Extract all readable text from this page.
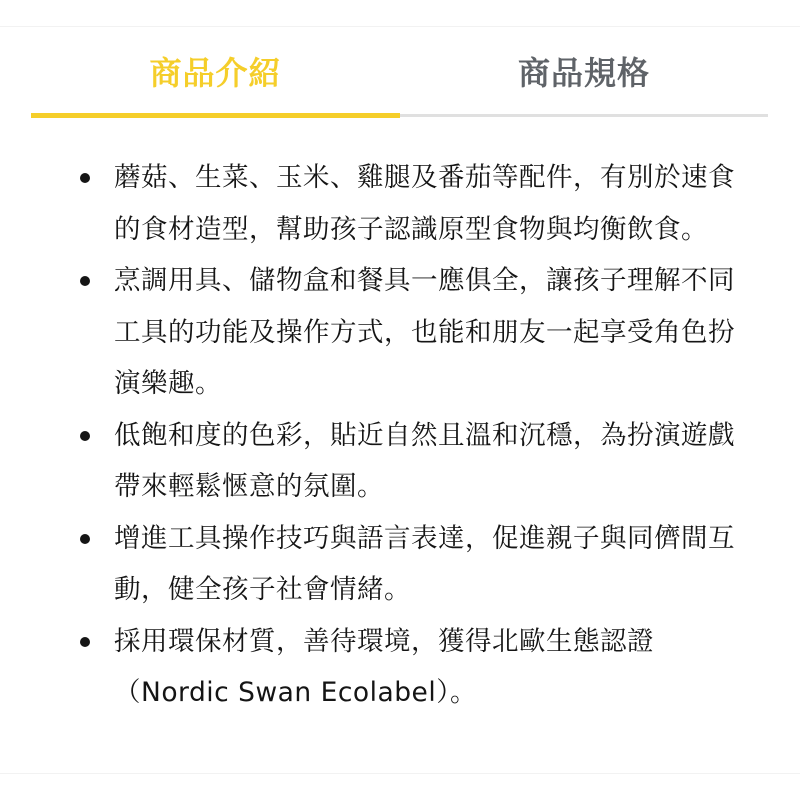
商品介紹	商品規格
蘑菇、生菜、玉米、雞腿及番茄等配件，有別於速食的食材造型，幫助孩子認識原型食物與均衡飲食。
烹調用具、儲物盒和餐具一應俱全，讓孩子理解不同工具的功能及操作方式，也能和朋友一起享受角色扮演樂趣。
低飽和度的色彩，貼近自然且溫和沉穩，為扮演遊戲帶來輕鬆愜意的氛圍。
增進工具操作技巧與語言表達，促進親子與同儕間互動，健全孩子社會情緒。
採用環保材質，善待環境，獲得北歐生態認證（Nordic Swan Ecolabel）。
